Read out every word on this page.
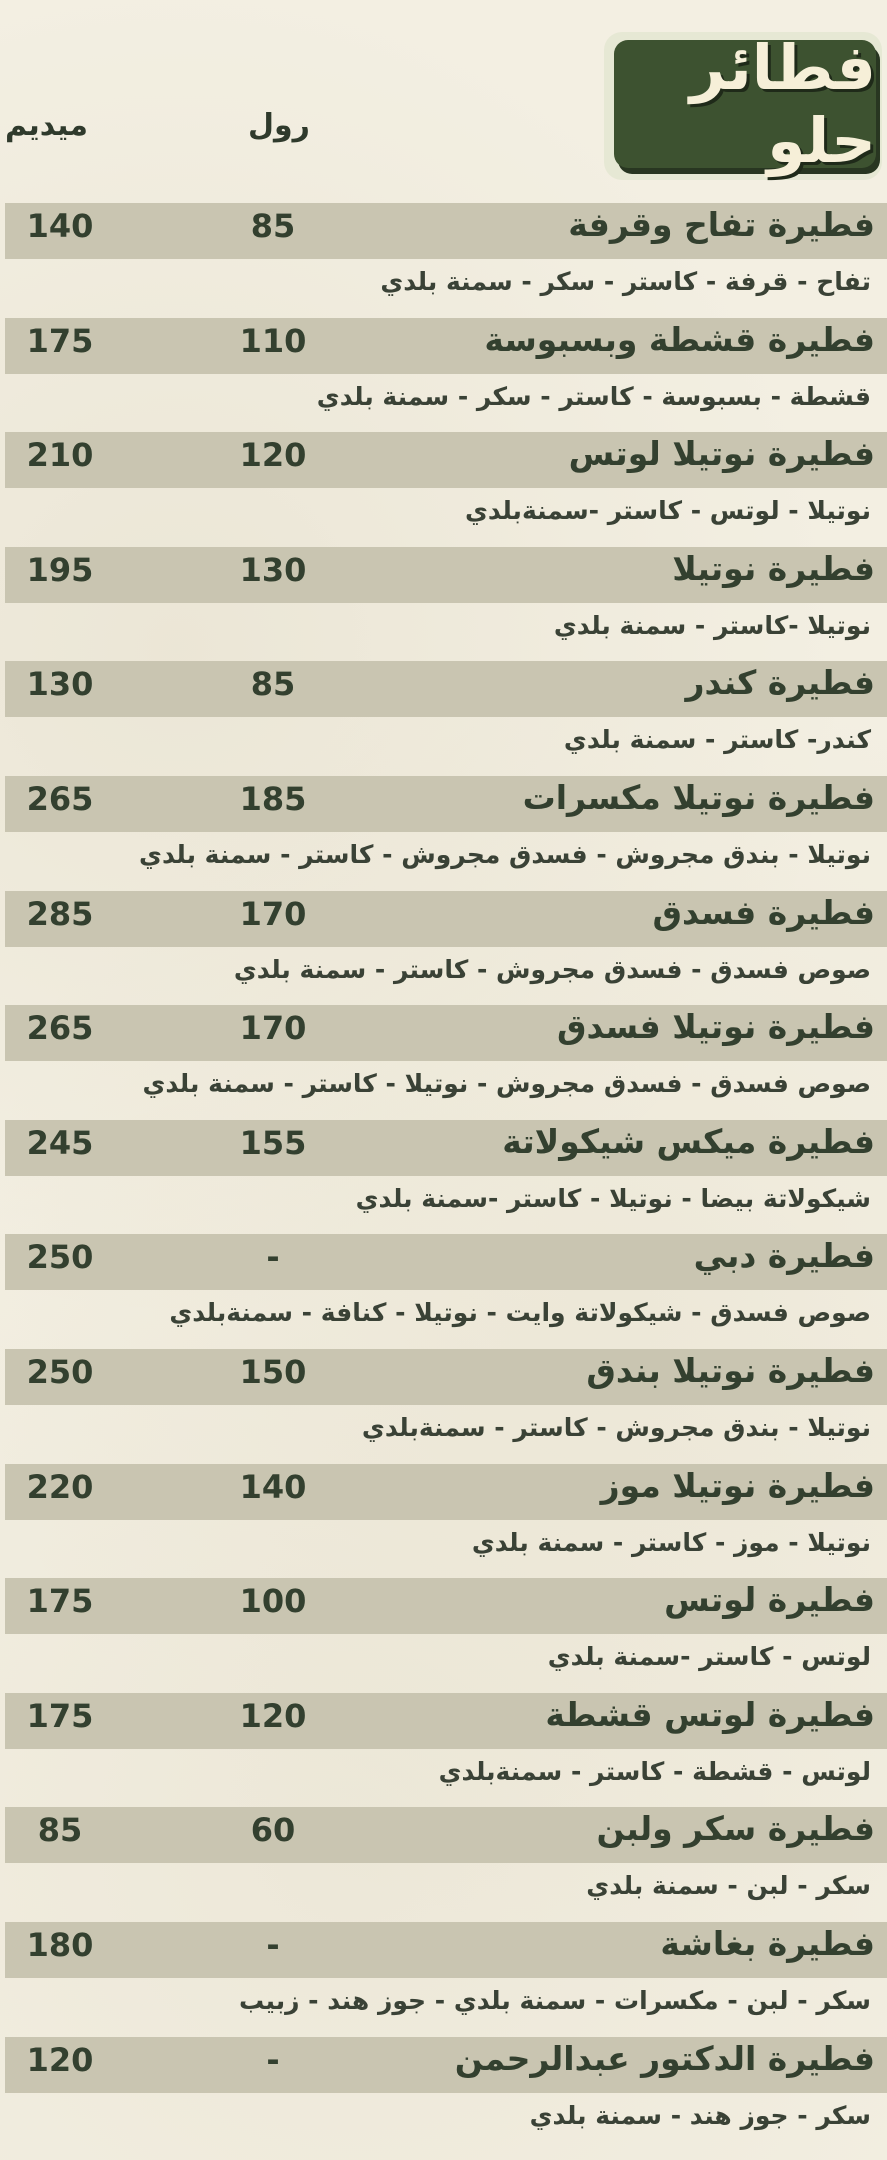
فطائر حلو
رول
ميديم
فطيرة تفاح وقرفة
85
140
تفاح - قرفة - كاستر - سكر - سمنة بلدي
فطيرة قشطة وبسبوسة
110
175
قشطة - بسبوسة - كاستر - سكر - سمنة بلدي
فطيرة نوتيلا لوتس
120
210
نوتيلا - لوتس - كاستر -سمنةبلدي
فطيرة نوتيلا
130
195
نوتيلا -كاستر - سمنة بلدي
فطيرة كندر
85
130
كندر- كاستر - سمنة بلدي
فطيرة نوتيلا مكسرات
185
265
نوتيلا - بندق مجروش - فسدق مجروش - كاستر - سمنة بلدي
فطيرة فسدق
170
285
صوص فسدق - فسدق مجروش - كاستر - سمنة بلدي
فطيرة نوتيلا فسدق
170
265
صوص فسدق - فسدق مجروش - نوتيلا - كاستر - سمنة بلدي
فطيرة ميكس شيكولاتة
155
245
شيكولاتة بيضا - نوتيلا - كاستر -سمنة بلدي
فطيرة دبي
-
250
صوص فسدق - شيكولاتة وايت - نوتيلا - كنافة - سمنةبلدي
فطيرة نوتيلا بندق
150
250
نوتيلا - بندق مجروش - كاستر - سمنةبلدي
فطيرة نوتيلا موز
140
220
نوتيلا - موز - كاستر - سمنة بلدي
فطيرة لوتس
100
175
لوتس - كاستر -سمنة بلدي
فطيرة لوتس قشطة
120
175
لوتس - قشطة - كاستر - سمنةبلدي
فطيرة سكر ولبن
60
85
سكر - لبن - سمنة بلدي
فطيرة بغاشة
-
180
سكر - لبن - مكسرات - سمنة بلدي - جوز هند - زبيب
فطيرة الدكتور عبدالرحمن
-
120
سكر - جوز هند - سمنة بلدي
